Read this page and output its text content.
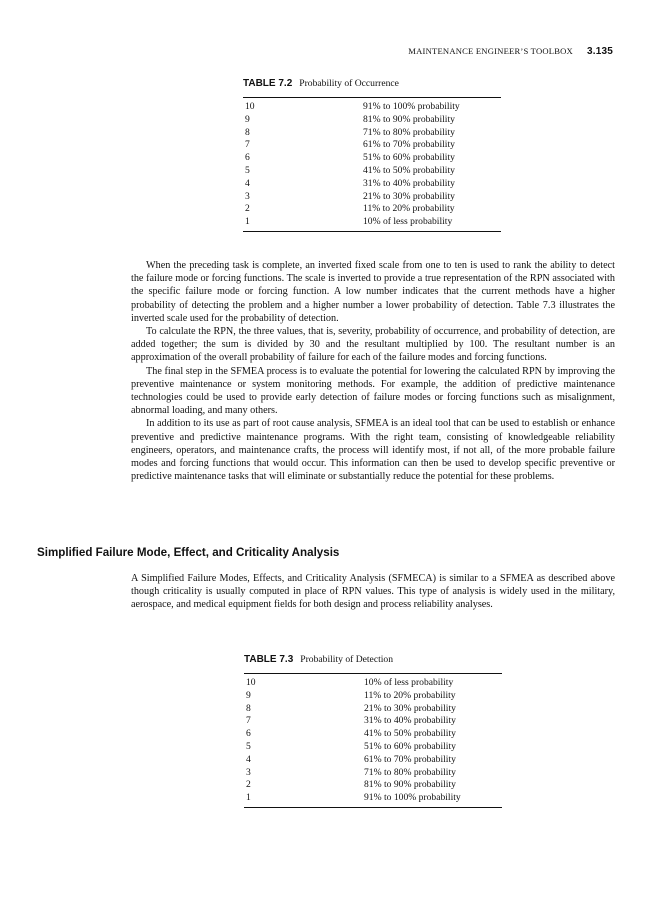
MAINTENANCE ENGINEER’S TOOLBOX 3.135
TABLE 7.2 Probability of Occurrence
10	91% to 100% probability
9	81% to 90% probability
8	71% to 80% probability
7	61% to 70% probability
6	51% to 60% probability
5	41% to 50% probability
4	31% to 40% probability
3	21% to 30% probability
2	11% to 20% probability
1	10% of less probability

When the preceding task is complete, an inverted fixed scale from one to ten is used to rank the ability to detect the failure mode or forcing functions. The scale is inverted to provide a true representation of the RPN associated with the specific failure mode or forcing function. A low number indicates that the current methods have a higher probability of detecting the problem and a higher number a lower probability of detection. Table 7.3 illustrates the inverted scale used for the probability of detection.

To calculate the RPN, the three values, that is, severity, probability of occurrence, and probability of detection, are added together; the sum is divided by 30 and the resultant multiplied by 100. The resultant number is an approximation of the overall probability of failure for each of the failure modes and forcing functions.

The final step in the SFMEA process is to evaluate the potential for lowering the calculated RPN by improving the preventive maintenance or system monitoring methods. For example, the addition of predictive maintenance technologies could be used to provide early detection of failure modes or forcing functions such as misalignment, abnormal loading, and many others.

In addition to its use as part of root cause analysis, SFMEA is an ideal tool that can be used to establish or enhance preventive and predictive maintenance programs. With the right team, consisting of knowledgeable reliability engineers, operators, and maintenance crafts, the process will identify most, if not all, of the more probable failure modes and forcing functions that would occur. This information can then be used to develop specific preventive or predictive maintenance tasks that will eliminate or substantially reduce the potential for these problems.

Simplified Failure Mode, Effect, and Criticality Analysis

A Simplified Failure Modes, Effects, and Criticality Analysis (SFMECA) is similar to a SFMEA as described above though criticality is usually computed in place of RPN values. This type of analysis is widely used in the military, aerospace, and medical equipment fields for both design and process reliability analyses.

TABLE 7.3 Probability of Detection
10	10% of less probability
9	11% to 20% probability
8	21% to 30% probability
7	31% to 40% probability
6	41% to 50% probability
5	51% to 60% probability
4	61% to 70% probability
3	71% to 80% probability
2	81% to 90% probability
1	91% to 100% probability
